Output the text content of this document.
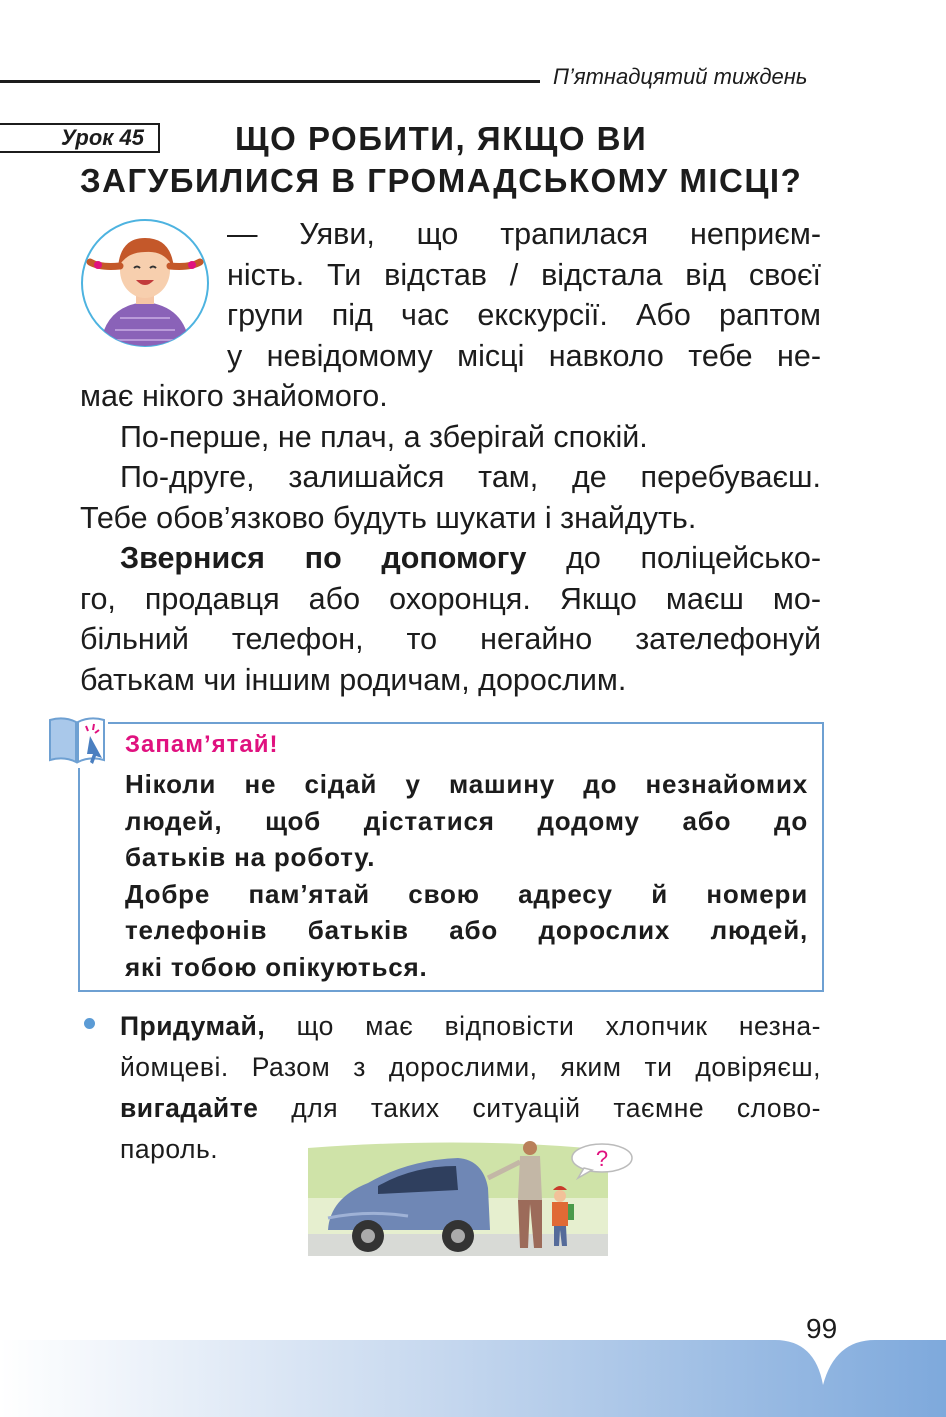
П’ятнадцятий тиждень
Урок 45	ЩО РОБИТИ, ЯКЩО ВИ
ЗАГУБИЛИСЯ В ГРОМАДСЬКОМУ МІСЦІ?
— Уяви, що трапилася неприєм-
ність. Ти відстав / відстала від своєї
групи під час екскурсії. Або раптом
у невідомому місці навколо тебе не-
має нікого знайомого.
По-перше, не плач, а зберігай спокій.
По-друге, залишайся там, де перебуваєш.
Тебе обов’язково будуть шукати і знайдуть.
Звернися по допомогу до поліцейсько-
го, продавця або охоронця. Якщо маєш мо-
більний телефон, то негайно зателефонуй
батькам чи іншим родичам, дорослим.
Запам’ятай!
Ніколи не сідай у машину до незнайомих
людей, щоб дістатися додому або до
батьків на роботу.
Добре пам’ятай свою адресу й номери
телефонів батьків або дорослих людей,
які тобою опікуються.
Придумай, що має відповісти хлопчик незна-
йомцеві. Разом з дорослими, яким ти довіряєш,
вигадайте для таких ситуацій таємне слово-
пароль.	?
99
